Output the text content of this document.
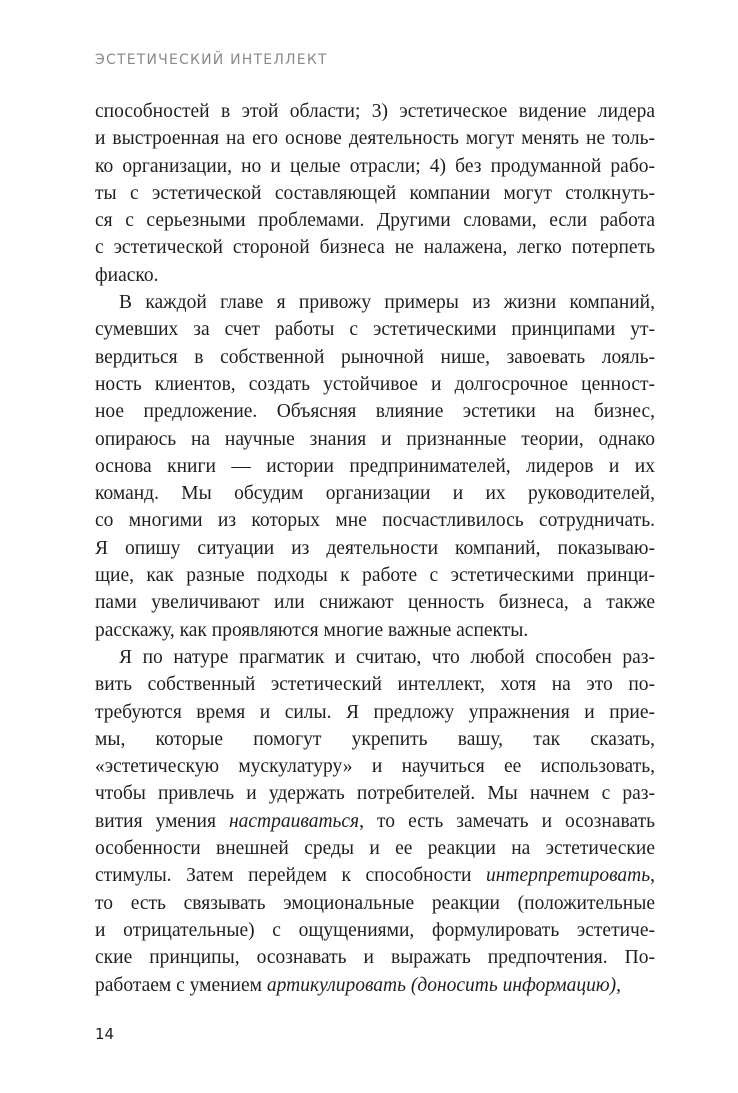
ЭСТЕТИЧЕСКИЙ ИНТЕЛЛЕКТ
способностей в этой области; 3) эстетическое видение лидера
и выстроенная на его основе деятельность могут менять не толь-
ко организации, но и целые отрасли; 4) без продуманной рабо-
ты с эстетической составляющей компании могут столкнуть-
ся с серьезными проблемами. Другими словами, если работа
с эстетической стороной бизнеса не налажена, легко потерпеть
фиаско.
В каждой главе я привожу примеры из жизни компаний,
сумевших за счет работы с эстетическими принципами ут-
вердиться в собственной рыночной нише, завоевать лояль-
ность клиентов, создать устойчивое и долгосрочное ценност-
ное предложение. Объясняя влияние эстетики на бизнес,
опираюсь на научные знания и признанные теории, однако
основа книги — истории предпринимателей, лидеров и их
команд. Мы обсудим организации и их руководителей,
со многими из которых мне посчастливилось сотрудничать.
Я опишу ситуации из деятельности компаний, показываю-
щие, как разные подходы к работе с эстетическими принци-
пами увеличивают или снижают ценность бизнеса, а также
расскажу, как проявляются многие важные аспекты.
Я по натуре прагматик и считаю, что любой способен раз-
вить собственный эстетический интеллект, хотя на это по-
требуются время и силы. Я предложу упражнения и прие-
мы, которые помогут укрепить вашу, так сказать,
«эстетическую мускулатуру» и научиться ее использовать,
чтобы привлечь и удержать потребителей. Мы начнем с раз-
вития умения настраиваться, то есть замечать и осознавать
особенности внешней среды и ее реакции на эстетические
стимулы. Затем перейдем к способности интерпретировать,
то есть связывать эмоциональные реакции (положительные
и отрицательные) с ощущениями, формулировать эстетиче-
ские принципы, осознавать и выражать предпочтения. По-
работаем с умением артикулировать (доносить информацию),
14
